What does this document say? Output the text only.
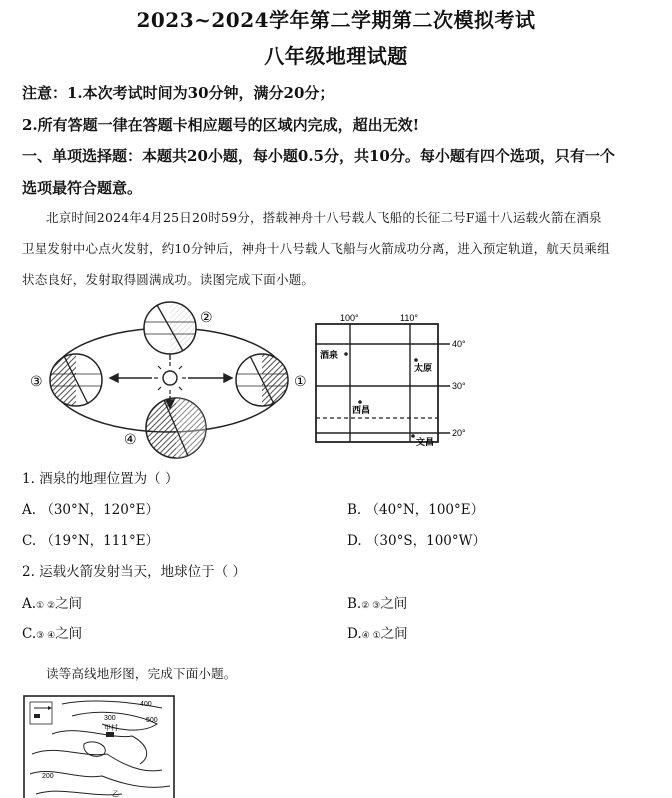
2023~2024学年第二学期第二次模拟考试
八年级地理试题
注意：1.本次考试时间为30分钟，满分20分；
2.所有答题一律在答题卡相应题号的区域内完成，超出无效!
一、单项选择题：本题共20小题，每小题0.5分，共10分。每小题有四个选项，只有一个
选项最符合题意。
北京时间2024年4月25日20时59分，搭载神舟十八号载人飞船的长征二号F遥十八运载火箭在酒泉
卫星发射中心点火发射，约10分钟后，神舟十八号载人飞船与火箭成功分离，进入预定轨道，航天员乘组
状态良好，发射取得圆满成功。读图完成下面小题。
②
③	①
④
100°	110°
40°
30°
20°
酒泉
太原
西昌
文昌
1. 酒泉的地理位置为（ ）
A. （30°N，120°E）	B. （40°N，100°E）
C. （19°N，111°E）	D. （30°S，100°W）
2. 运载火箭发射当天，地球位于（ ）
A.① ②之间	B.② ③之间
C.③ ④之间	D.④ ①之间
读等高线地形图，完成下面小题。
甲村
400
500
300
200
乙
